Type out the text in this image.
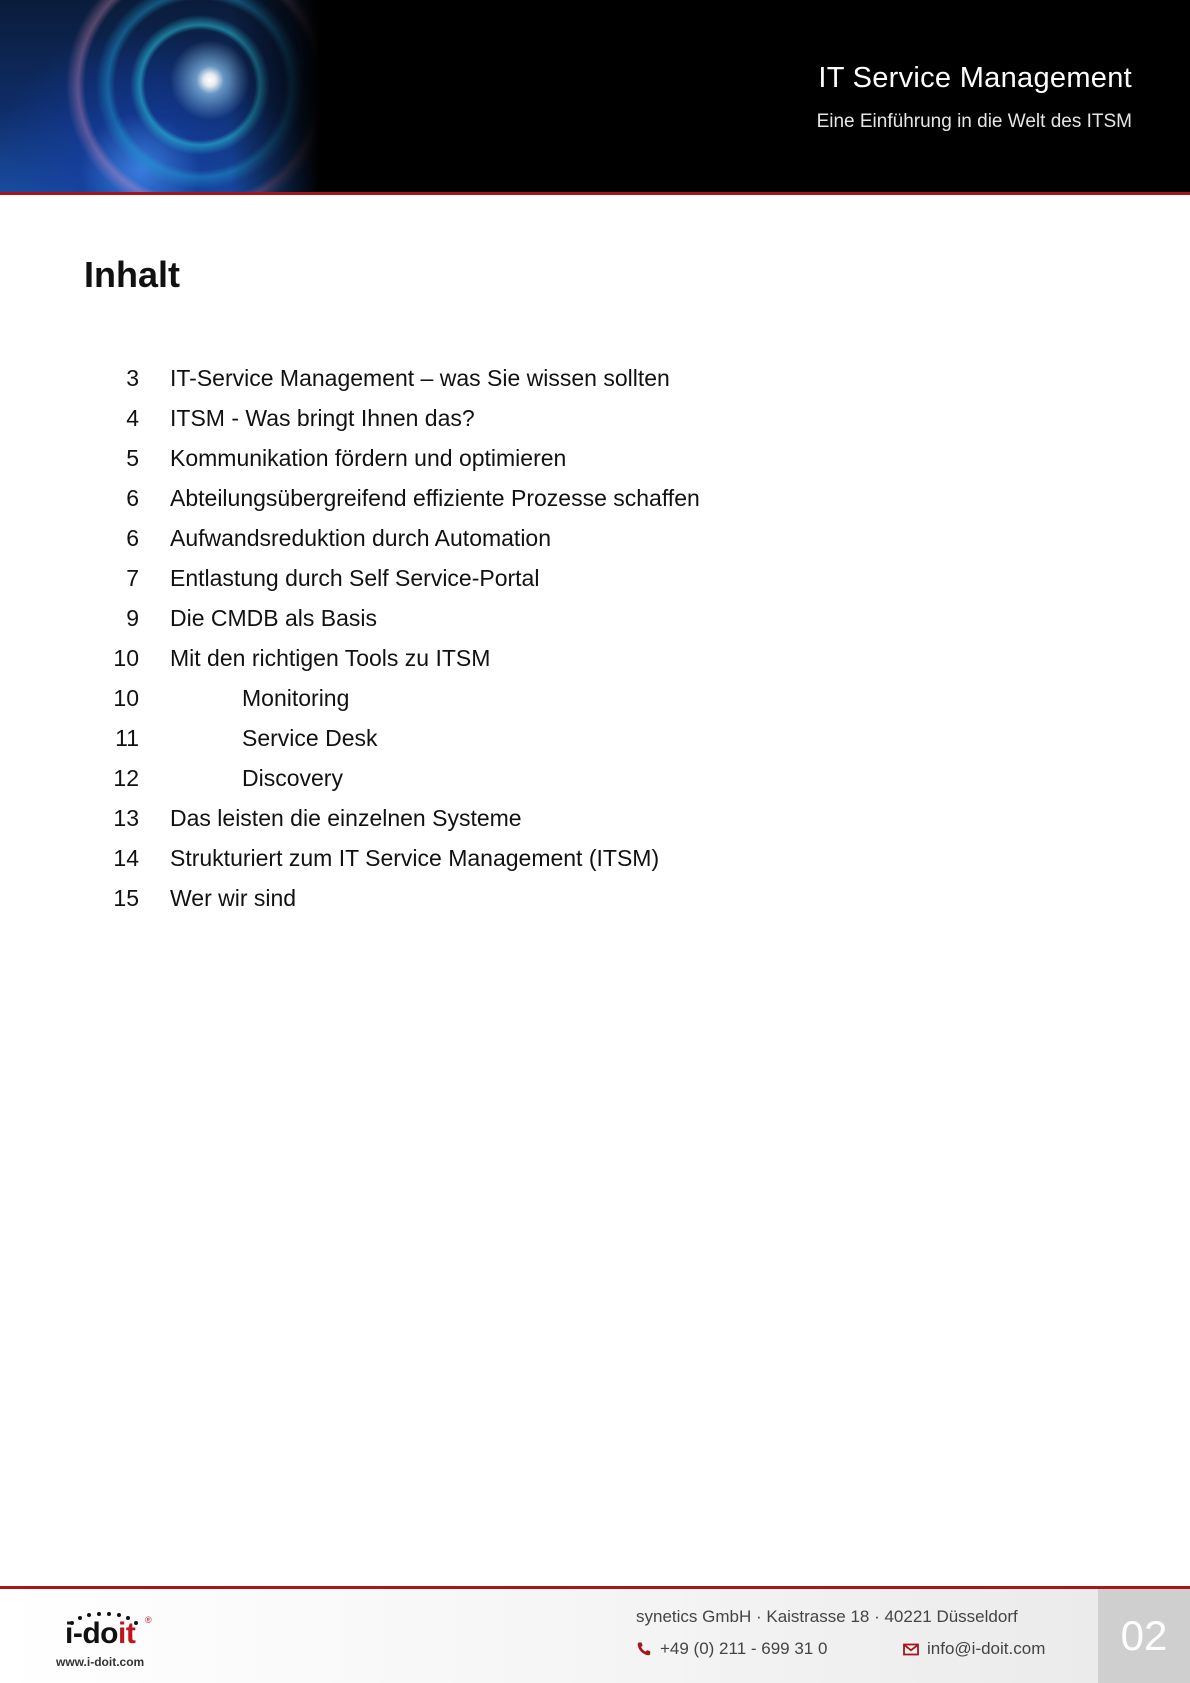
IT Service Management
Eine Einführung in die Welt des ITSM
Inhalt
3	IT-Service Management – was Sie wissen sollten
4	ITSM - Was bringt Ihnen das?
5	Kommunikation fördern und optimieren
6	Abteilungsübergreifend effiziente Prozesse schaffen
6	Aufwandsreduktion durch Automation
7	Entlastung durch Self Service-Portal
9	Die CMDB als Basis
10	Mit den richtigen Tools zu ITSM
10	Monitoring
11	Service Desk
12	Discovery
13	Das leisten die einzelnen Systeme
14	Strukturiert zum IT Service Management (ITSM)
15	Wer wir sind
i-doit ®
www.i-doit.com
synetics GmbH · Kaistrasse 18 · 40221 Düsseldorf
+49 (0) 211 - 699 31 0	info@i-doit.com 02
